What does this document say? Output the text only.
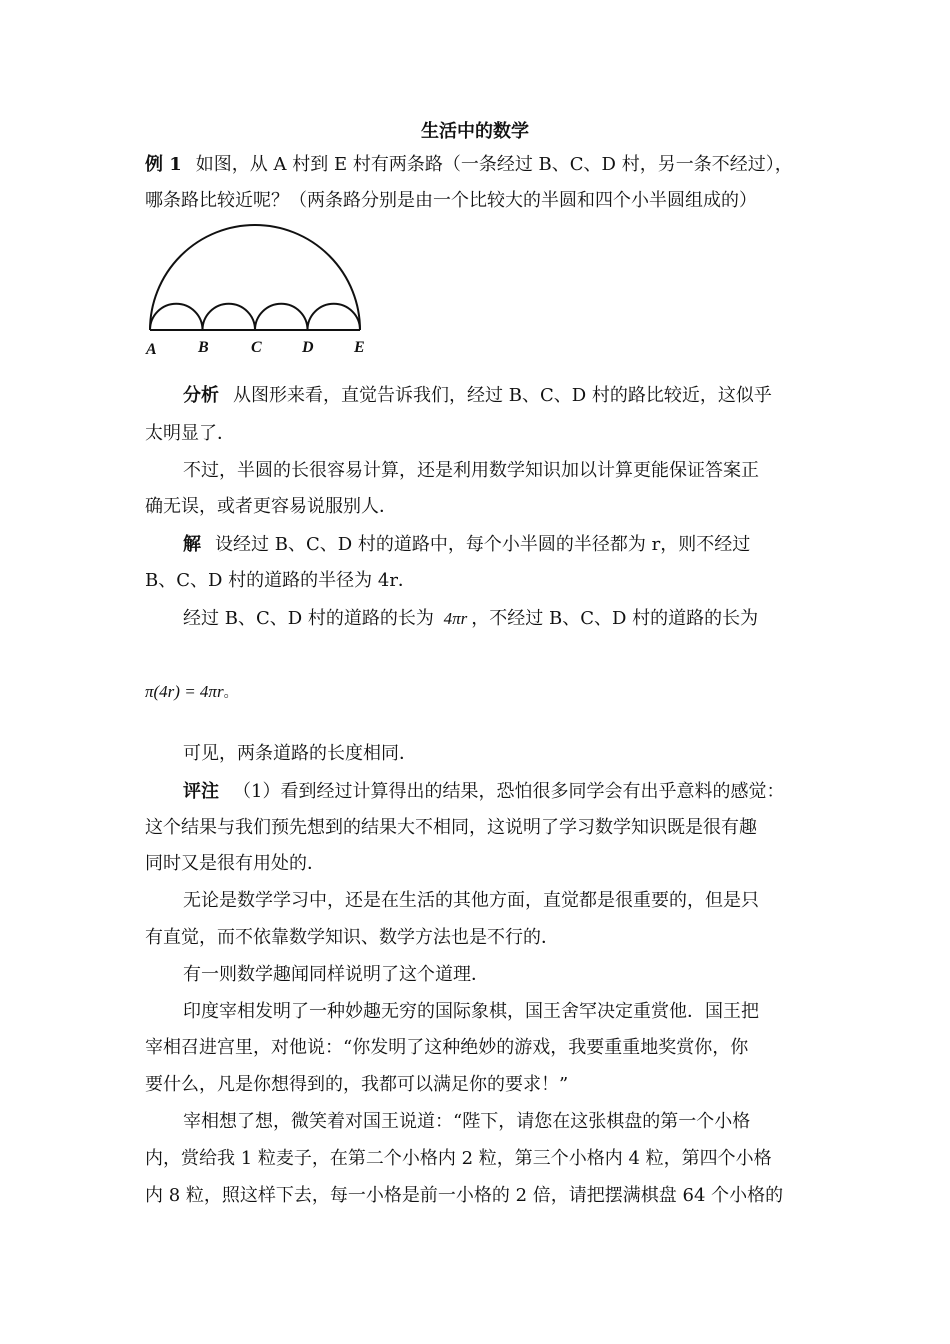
生活中的数学
例 1 如图，从 A 村到 E 村有两条路（一条经过 B、C、D 村，另一条不经过），
哪条路比较近呢？（两条路分别是由一个比较大的半圆和四个小半圆组成的）
A	B	C	D	E
分析 从图形来看，直觉告诉我们，经过 B、C、D 村的路比较近，这似乎
太明显了．
不过，半圆的长很容易计算，还是利用数学知识加以计算更能保证答案正
确无误，或者更容易说服别人．
解 设经过 B、C、D 村的道路中，每个小半圆的半径都为 r，则不经过
B、C、D 村的道路的半径为 4r．
经过 B、C、D 村的道路的长为 4πr ，不经过 B、C、D 村的道路的长为
π(4r) = 4πr。
可见，两条道路的长度相同．
评注 （1）看到经过计算得出的结果，恐怕很多同学会有出乎意料的感觉：
这个结果与我们预先想到的结果大不相同，这说明了学习数学知识既是很有趣
同时又是很有用处的．
无论是数学学习中，还是在生活的其他方面，直觉都是很重要的，但是只
有直觉，而不依靠数学知识、数学方法也是不行的．
有一则数学趣闻同样说明了这个道理．
印度宰相发明了一种妙趣无穷的国际象棋，国王舍罕决定重赏他．国王把
宰相召进宫里，对他说：“你发明了这种绝妙的游戏，我要重重地奖赏你，你
要什么，凡是你想得到的，我都可以满足你的要求！”
宰相想了想，微笑着对国王说道：“陛下，请您在这张棋盘的第一个小格
内，赏给我 1 粒麦子，在第二个小格内 2 粒，第三个小格内 4 粒，第四个小格
内 8 粒，照这样下去，每一小格是前一小格的 2 倍，请把摆满棋盘 64 个小格的
